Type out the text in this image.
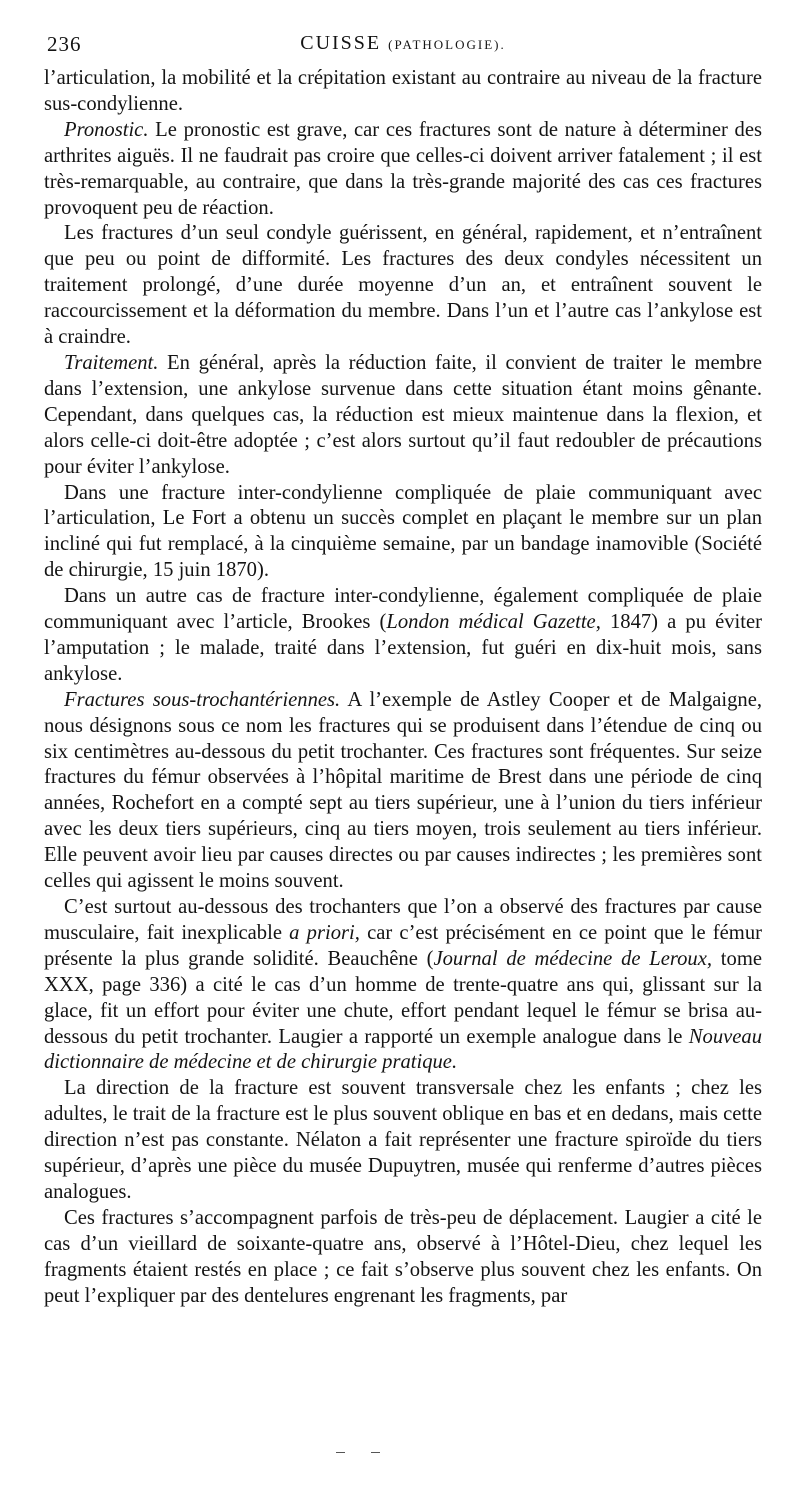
236	CUISSE (PATHOLOGIE).

l’articulation, la mobilité et la crépitation existant au contraire au niveau de la fracture sus-condylienne.

Pronostic. Le pronostic est grave, car ces fractures sont de nature à déterminer des arthrites aiguës. Il ne faudrait pas croire que celles-ci doivent arriver fatalement ; il est très-remarquable, au contraire, que dans la très-grande majorité des cas ces fractures provoquent peu de réaction.

Les fractures d’un seul condyle guérissent, en général, rapidement, et n’entraînent que peu ou point de difformité. Les fractures des deux condyles nécessitent un traitement prolongé, d’une durée moyenne d’un an, et entraînent souvent le raccourcissement et la déformation du membre. Dans l’un et l’autre cas l’ankylose est à craindre.

Traitement. En général, après la réduction faite, il convient de traiter le membre dans l’extension, une ankylose survenue dans cette situation étant moins gênante. Cependant, dans quelques cas, la réduction est mieux maintenue dans la flexion, et alors celle-ci doit-être adoptée ; c’est alors surtout qu’il faut redoubler de précautions pour éviter l’ankylose.

Dans une fracture inter-condylienne compliquée de plaie communiquant avec l’articulation, Le Fort a obtenu un succès complet en plaçant le membre sur un plan incliné qui fut remplacé, à la cinquième semaine, par un bandage inamovible (Société de chirurgie, 15 juin 1870).

Dans un autre cas de fracture inter-condylienne, également compliquée de plaie communiquant avec l’article, Brookes (London médical Gazette, 1847) a pu éviter l’amputation ; le malade, traité dans l’extension, fut guéri en dix-huit mois, sans ankylose.

Fractures sous-trochantériennes. A l’exemple de Astley Cooper et de Malgaigne, nous désignons sous ce nom les fractures qui se produisent dans l’étendue de cinq ou six centimètres au-dessous du petit trochanter. Ces fractures sont fréquentes. Sur seize fractures du fémur observées à l’hôpital maritime de Brest dans une période de cinq années, Rochefort en a compté sept au tiers supérieur, une à l’union du tiers inférieur avec les deux tiers supérieurs, cinq au tiers moyen, trois seulement au tiers inférieur. Elle peuvent avoir lieu par causes directes ou par causes indirectes ; les premières sont celles qui agissent le moins souvent.

C’est surtout au-dessous des trochanters que l’on a observé des fractures par cause musculaire, fait inexplicable a priori, car c’est précisément en ce point que le fémur présente la plus grande solidité. Beauchêne (Journal de médecine de Leroux, tome XXX, page 336) a cité le cas d’un homme de trente-quatre ans qui, glissant sur la glace, fit un effort pour éviter une chute, effort pendant lequel le fémur se brisa au-dessous du petit trochanter. Laugier a rapporté un exemple analogue dans le Nouveau dictionnaire de médecine et de chirurgie pratique.

La direction de la fracture est souvent transversale chez les enfants ; chez les adultes, le trait de la fracture est le plus souvent oblique en bas et en dedans, mais cette direction n’est pas constante. Nélaton a fait représenter une fracture spiroïde du tiers supérieur, d’après une pièce du musée Dupuytren, musée qui renferme d’autres pièces analogues.

Ces fractures s’accompagnent parfois de très-peu de déplacement. Laugier a cité le cas d’un vieillard de soixante-quatre ans, observé à l’Hôtel-Dieu, chez lequel les fragments étaient restés en place ; ce fait s’observe plus souvent chez les enfants. On peut l’expliquer par des dentelures engrenant les fragments, par
